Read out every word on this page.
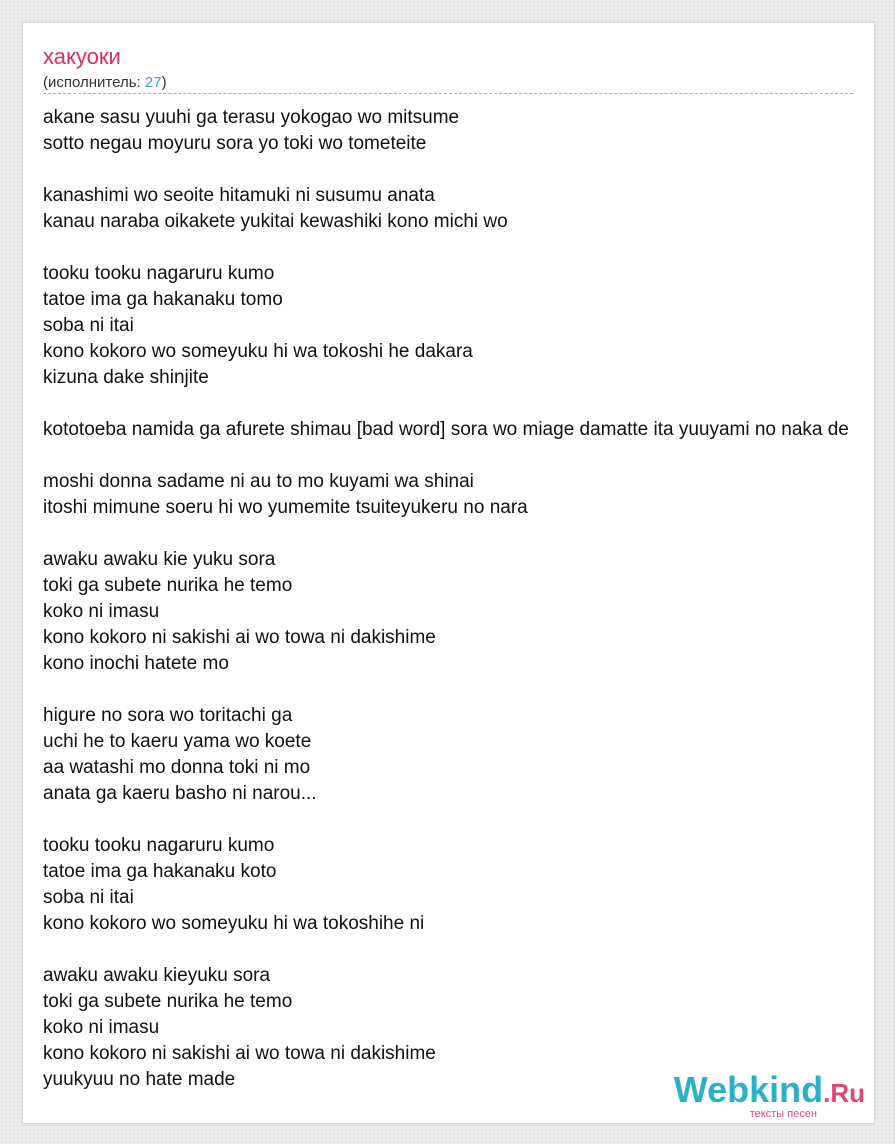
хакуоки
(исполнитель: 27)
akane sasu yuuhi ga terasu yokogao wo mitsume
sotto negau moyuru sora yo toki wo tometeite
kanashimi wo seoite hitamuki ni susumu anata
kanau naraba oikakete yukitai kewashiki kono michi wo
tooku tooku nagaruru kumo
tatoe ima ga hakanaku tomo
soba ni itai
kono kokoro wo someyuku hi wa tokoshi he dakara
kizuna dake shinjite
kototoeba namida ga afurete shimau [bad word] sora wo miage damatte ita yuuyami no naka de
moshi donna sadame ni au to mo kuyami wa shinai
itoshi mimune soeru hi wo yumemite tsuiteyukeru no nara
awaku awaku kie yuku sora
toki ga subete nurika he temo
koko ni imasu
kono kokoro ni sakishi ai wo towa ni dakishime
kono inochi hatete mo
higure no sora wo toritachi ga
uchi he to kaeru yama wo koete
aa watashi mo donna toki ni mo
anata ga kaeru basho ni narou...
tooku tooku nagaruru kumo
tatoe ima ga hakanaku koto
soba ni itai
kono kokoro wo someyuku hi wa tokoshihe ni
awaku awaku kieyuku sora
toki ga subete nurika he temo
koko ni imasu
kono kokoro ni sakishi ai wo towa ni dakishime
yuukyuu no hate made	Webkind.Ru
тексты песен
